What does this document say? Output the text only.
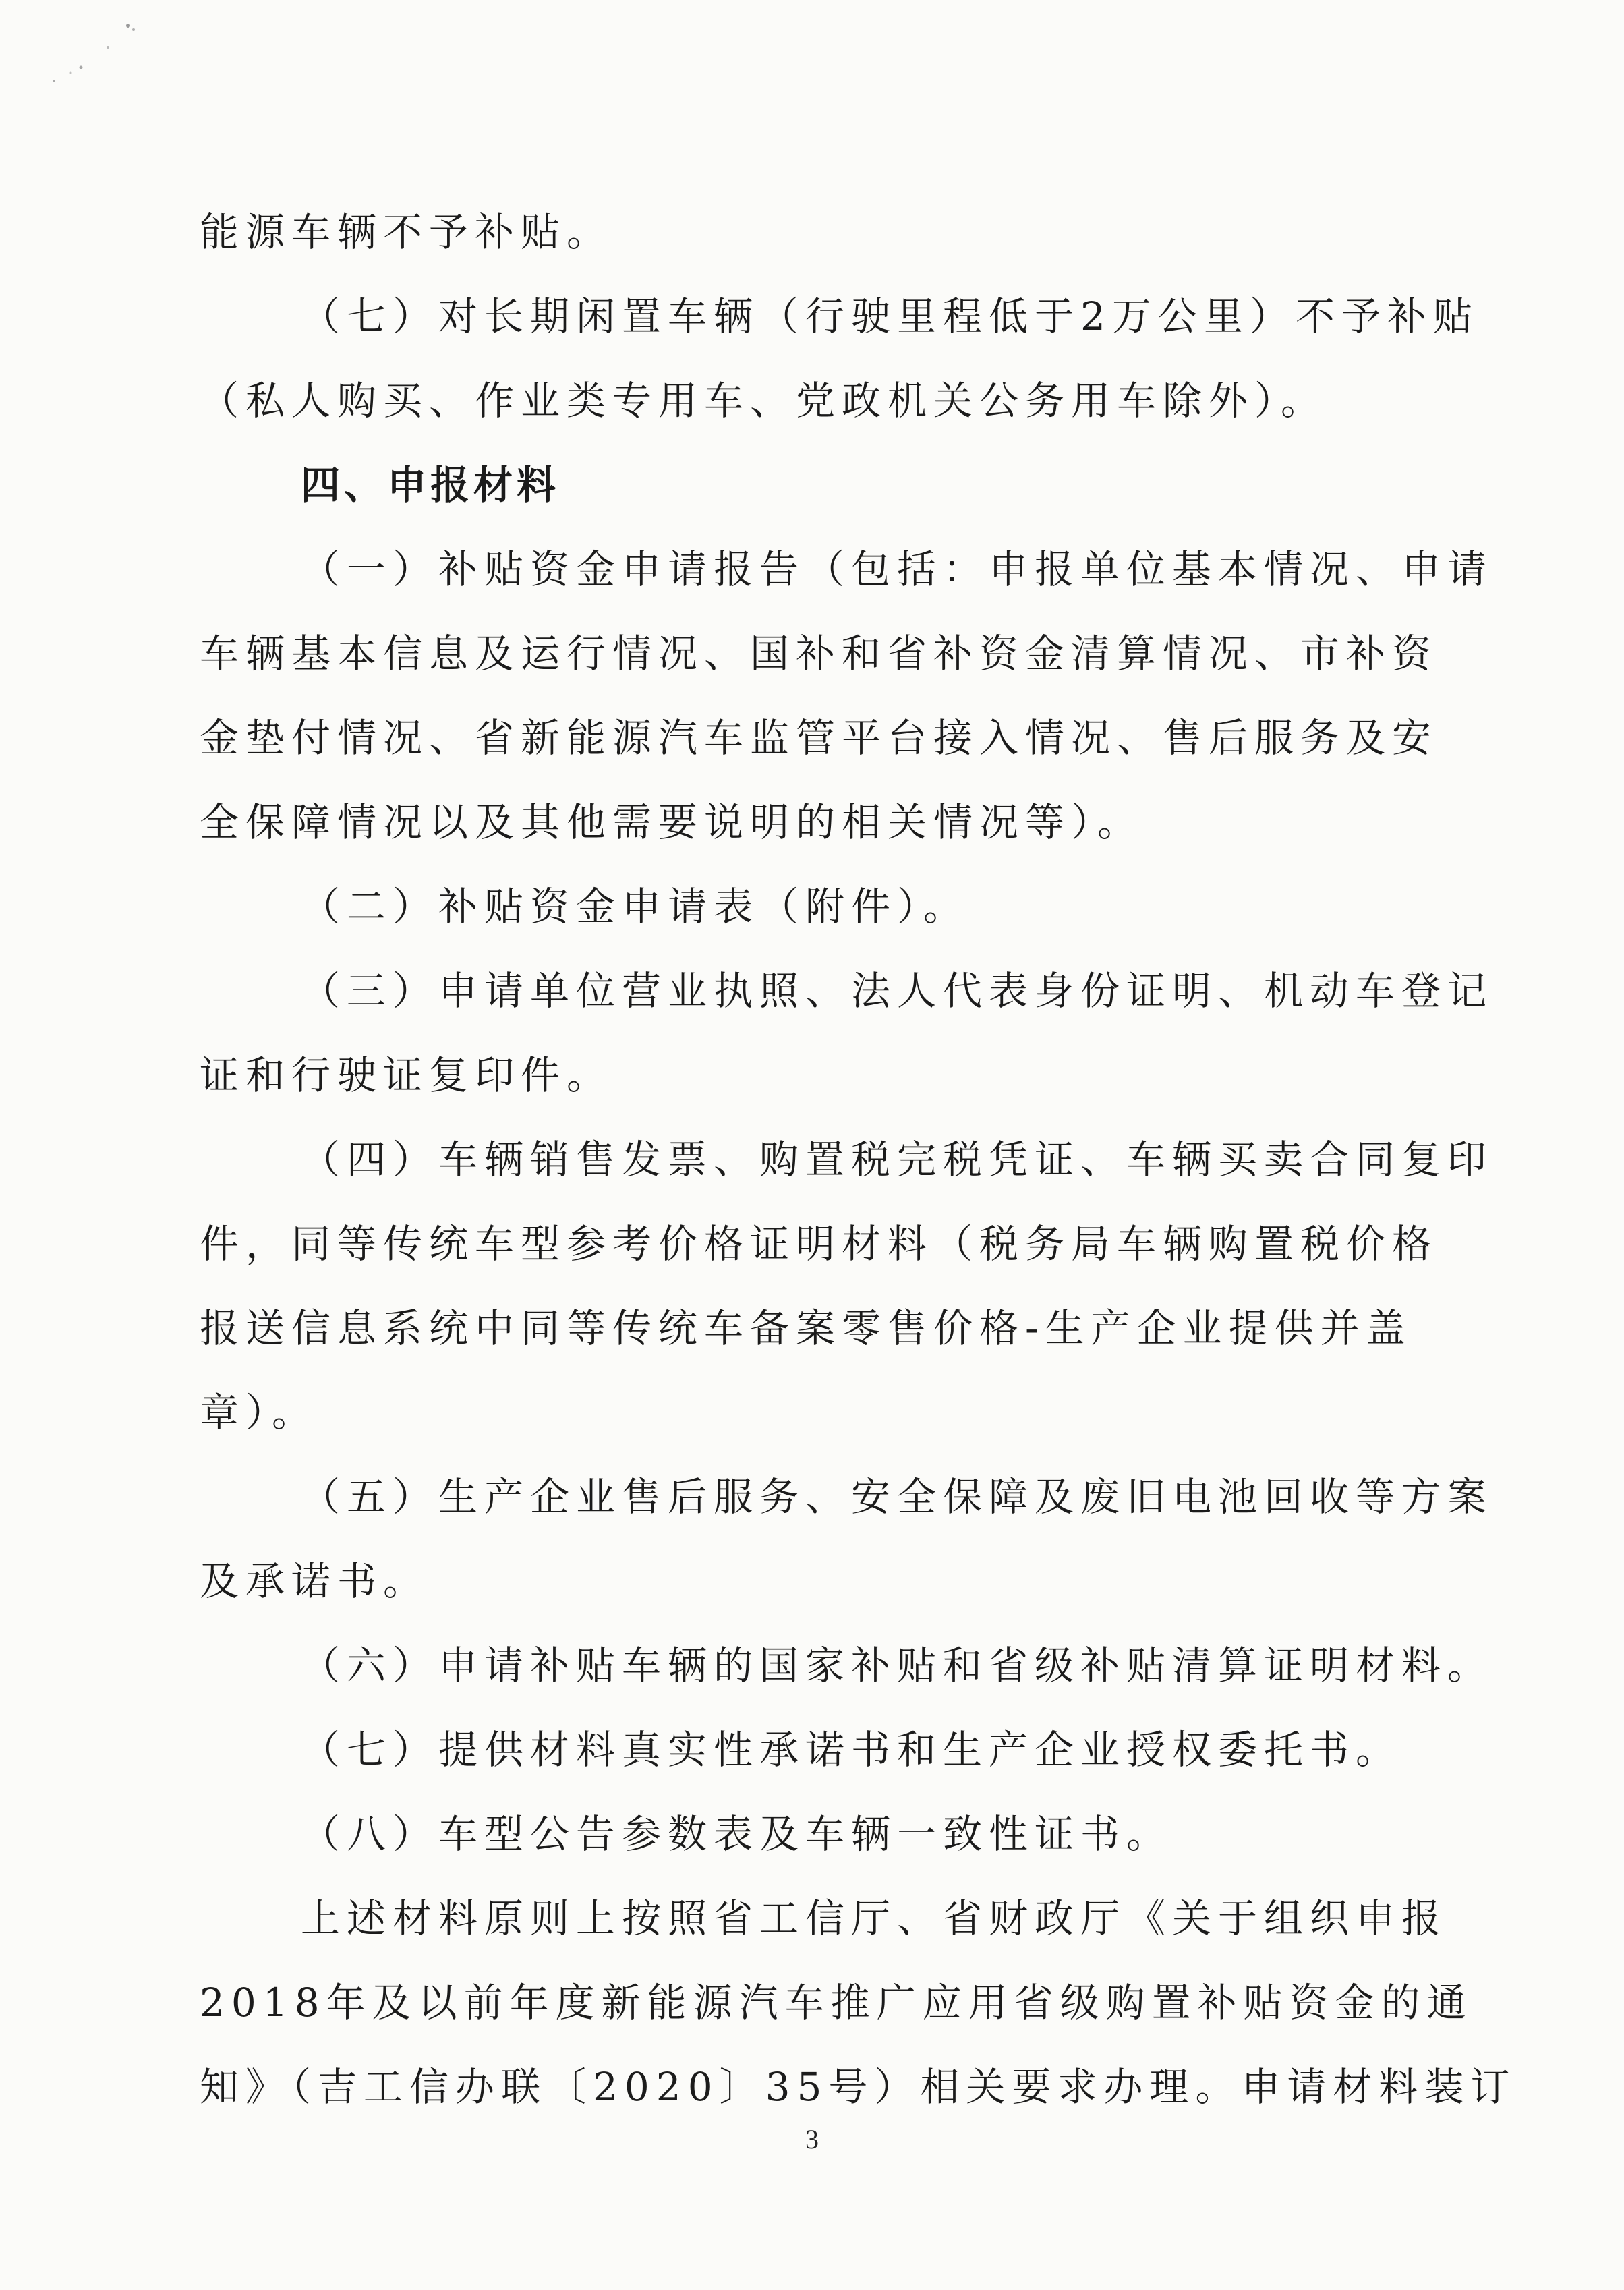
能源车辆不予补贴。
（七）对长期闲置车辆（行驶里程低于2万公里）不予补贴
（私人购买、作业类专用车、党政机关公务用车除外）。
四、申报材料
（一）补贴资金申请报告（包括：申报单位基本情况、申请
车辆基本信息及运行情况、国补和省补资金清算情况、市补资
金垫付情况、省新能源汽车监管平台接入情况、售后服务及安
全保障情况以及其他需要说明的相关情况等）。
（二）补贴资金申请表（附件）。
（三）申请单位营业执照、法人代表身份证明、机动车登记
证和行驶证复印件。
（四）车辆销售发票、购置税完税凭证、车辆买卖合同复印
件，同等传统车型参考价格证明材料（税务局车辆购置税价格
报送信息系统中同等传统车备案零售价格-生产企业提供并盖
章）。
（五）生产企业售后服务、安全保障及废旧电池回收等方案
及承诺书。
（六）申请补贴车辆的国家补贴和省级补贴清算证明材料。
（七）提供材料真实性承诺书和生产企业授权委托书。
（八）车型公告参数表及车辆一致性证书。
上述材料原则上按照省工信厅、省财政厅《关于组织申报
2018年及以前年度新能源汽车推广应用省级购置补贴资金的通
知》（吉工信办联〔2020〕35号）相关要求办理。申请材料装订
3
